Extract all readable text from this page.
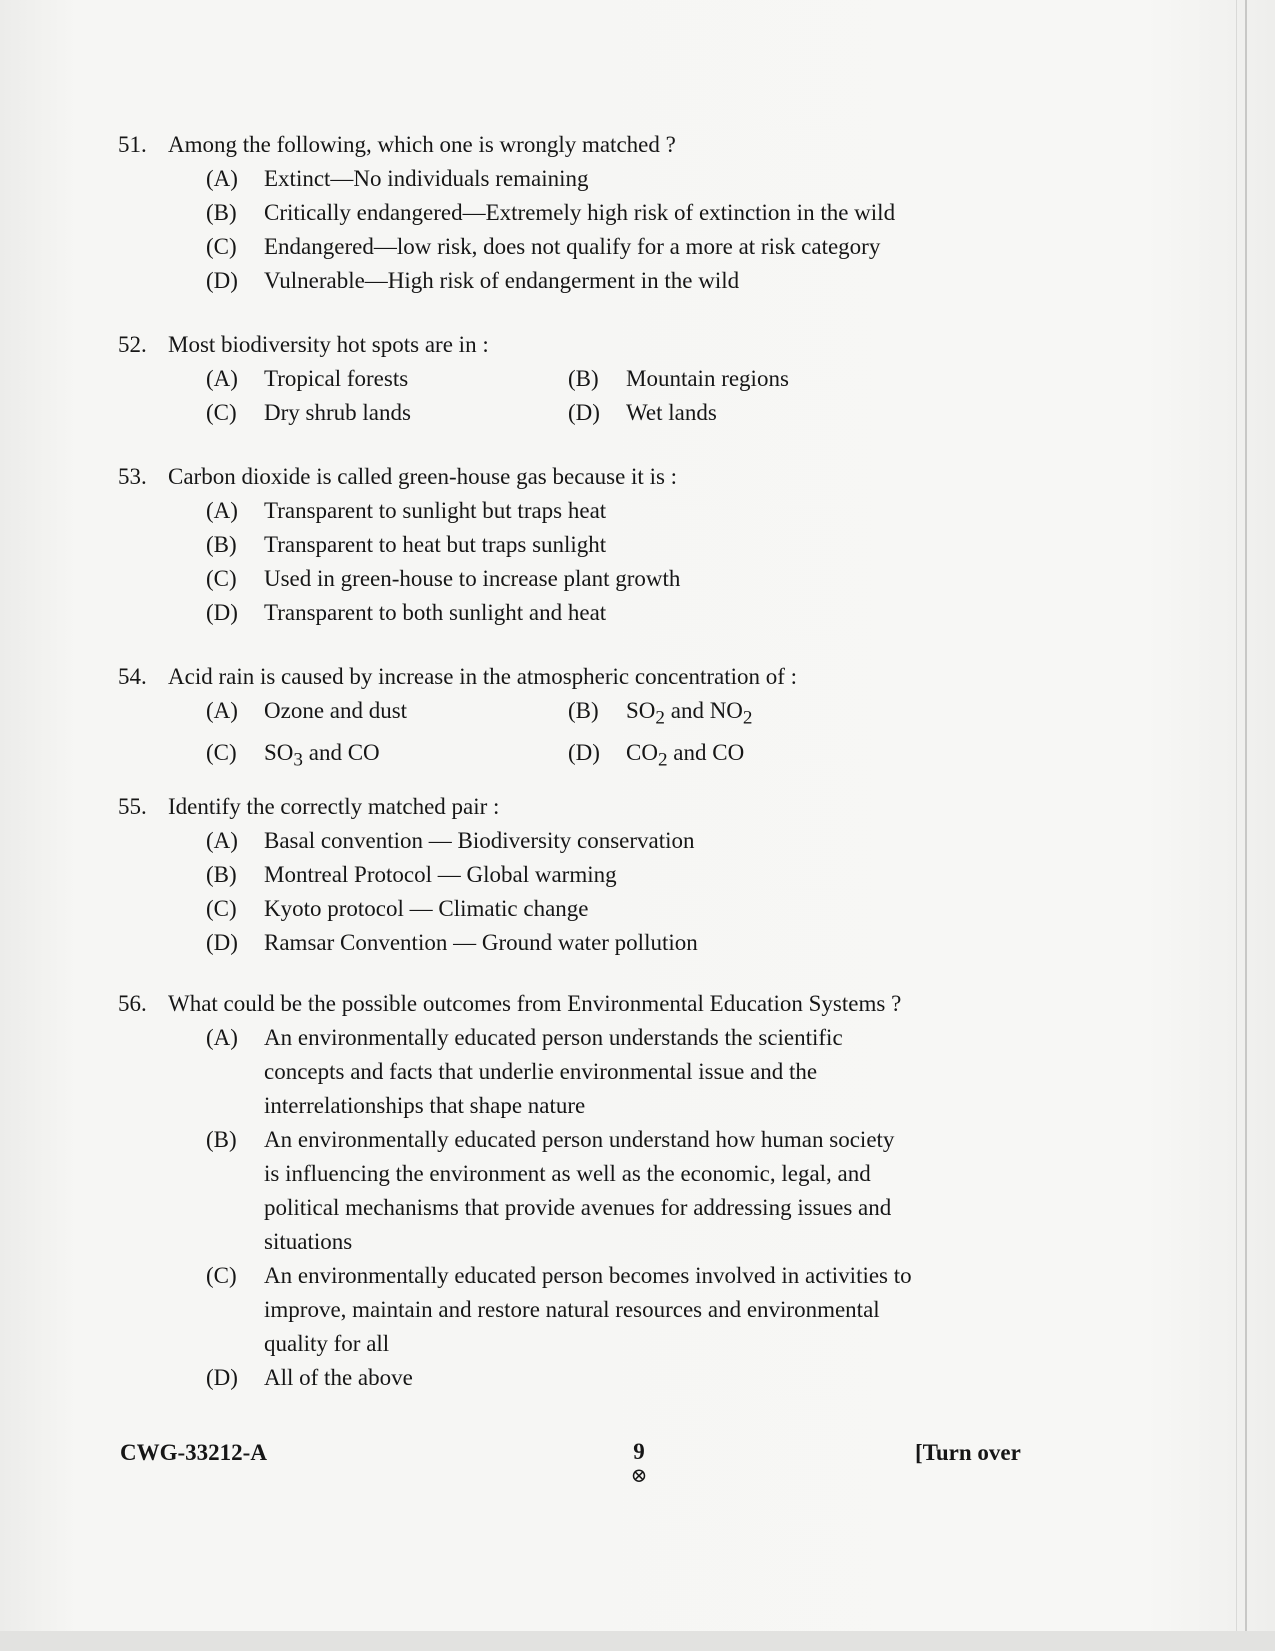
51. Among the following, which one is wrongly matched ?
(A)	Extinct—No individuals remaining
(B)	Critically endangered—Extremely high risk of extinction in the wild
(C)	Endangered—low risk, does not qualify for a more at risk category
(D)	Vulnerable—High risk of endangerment in the wild
52. Most biodiversity hot spots are in :
(A)	Tropical forests	(B)	Mountain regions
(C)	Dry shrub lands	(D)	Wet lands
53. Carbon dioxide is called green-house gas because it is :
(A)	Transparent to sunlight but traps heat
(B)	Transparent to heat but traps sunlight
(C)	Used in green-house to increase plant growth
(D)	Transparent to both sunlight and heat
54. Acid rain is caused by increase in the atmospheric concentration of :
(A)	Ozone and dust	(B)	$SO_2$ and $NO_2$
(C)	$SO_3$ and CO	(D)	$CO_2$ and CO
55. Identify the correctly matched pair :
(A)	Basal convention — Biodiversity conservation
(B)	Montreal Protocol — Global warming
(C)	Kyoto protocol — Climatic change
(D)	Ramsar Convention — Ground water pollution
56. What could be the possible outcomes from Environmental Education Systems ?
(A)	An environmentally educated person understands the scientific concepts and facts that underlie environmental issue and the interrelationships that shape nature
(B)	An environmentally educated person understand how human society is influencing the environment as well as the economic, legal, and political mechanisms that provide avenues for addressing issues and situations
(C)	An environmentally educated person becomes involved in activities to improve, maintain and restore natural resources and environmental quality for all
(D)	All of the above
CWG-33212-A	9
⊗
[Turn over
